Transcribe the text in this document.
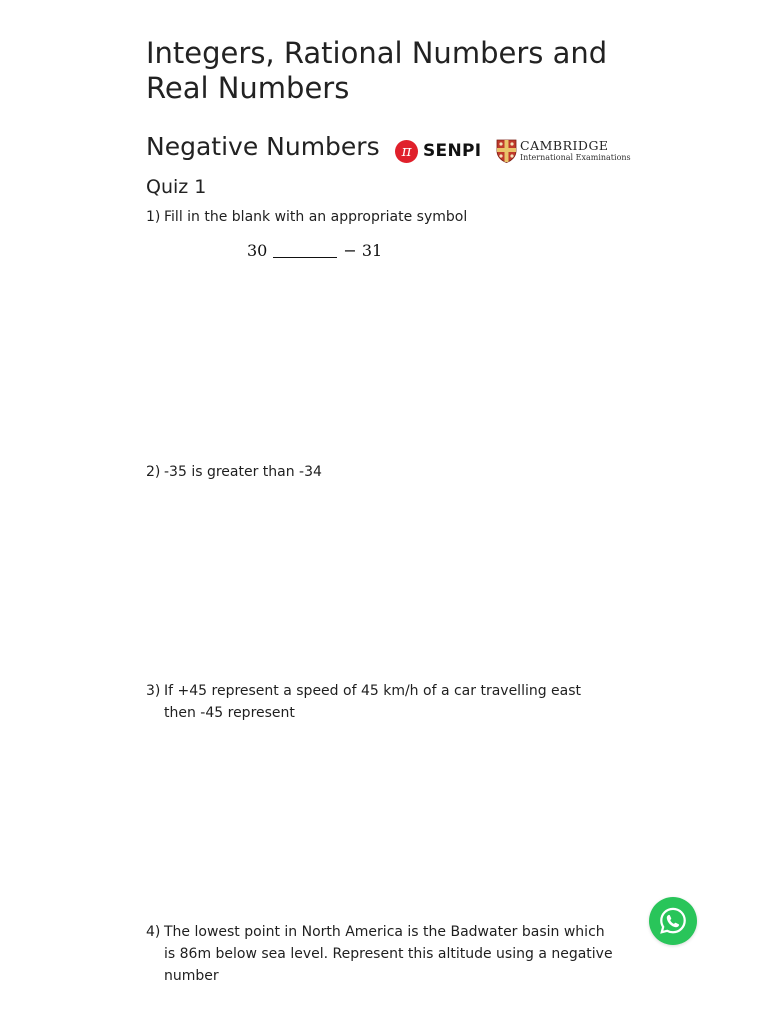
Integers, Rational Numbers and Real Numbers
Negative Numbers	π SENPI	CAMBRIDGE
International Examinations
Quiz 1
1) Fill in the blank with an appropriate symbol
30	− 31
2) -35 is greater than -34
3) If +45 represent a speed of 45 km/h of a car travelling east then -45 represent
4) The lowest point in North America is the Badwater basin which is 86m below sea level. Represent this altitude using a negative number
